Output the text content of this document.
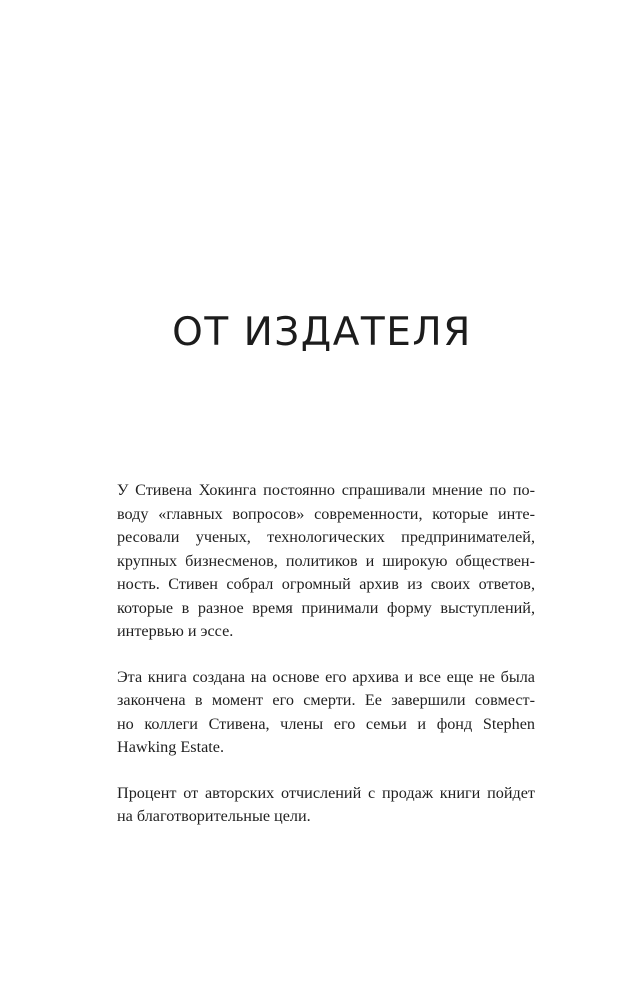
ОТ ИЗДАТЕЛЯ

У Стивена Хокинга постоянно спрашивали мнение по по-
воду «главных вопросов» современности, которые инте-
ресовали ученых, технологических предпринимателей,
крупных бизнесменов, политиков и широкую обществен-
ность. Стивен собрал огромный архив из своих ответов,
которые в разное время принимали форму выступлений,
интервью и эссе.

Эта книга создана на основе его архива и все еще не была
закончена в момент его смерти. Ее завершили совмест-
но коллеги Стивена, члены его семьи и фонд Stephen
Hawking Estate.

Процент от авторских отчислений с продаж книги пойдет
на благотворительные цели.
